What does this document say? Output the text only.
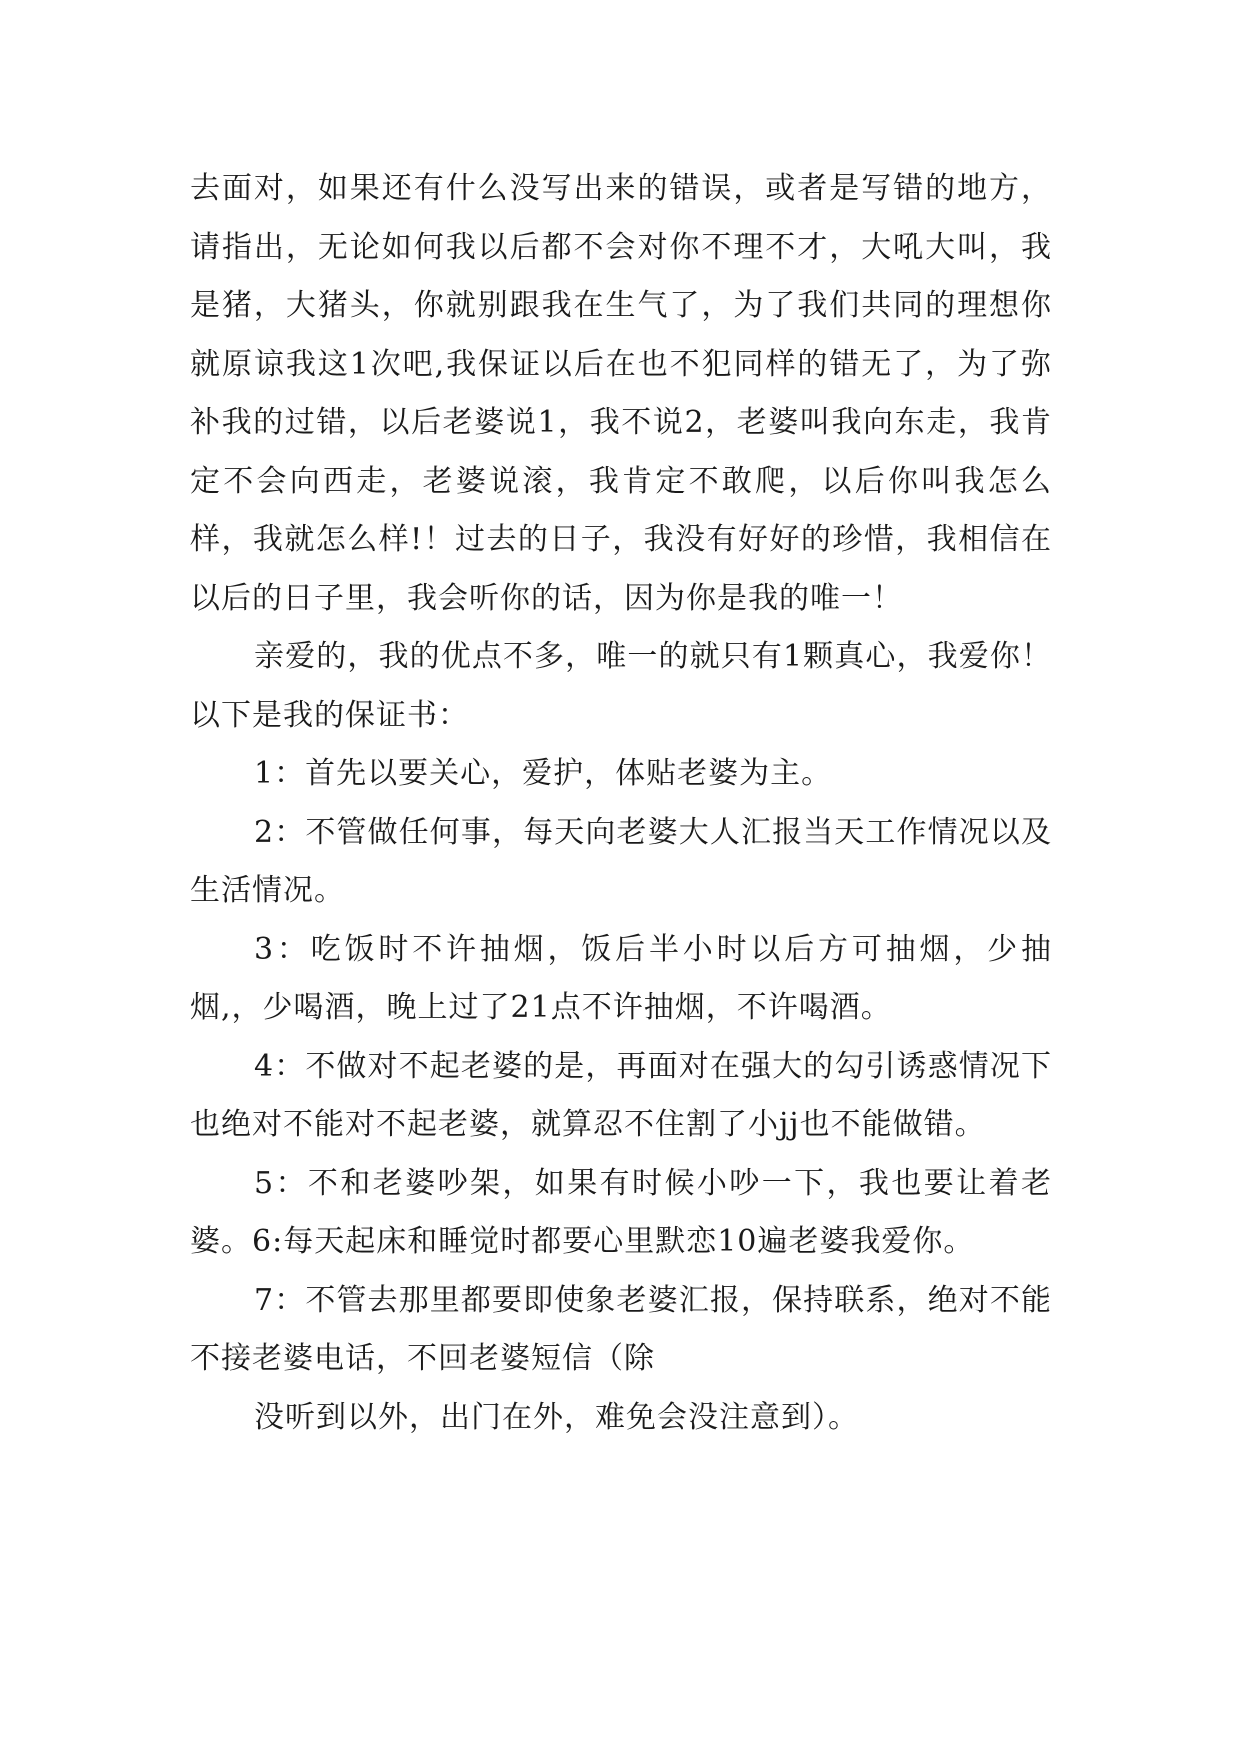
去面对，如果还有什么没写出来的错误，或者是写错的地方，请指出，无论如何我以后都不会对你不理不才，大吼大叫，我是猪，大猪头，你就别跟我在生气了，为了我们共同的理想你就原谅我这1次吧,我保证以后在也不犯同样的错无了，为了弥补我的过错，以后老婆说1，我不说2，老婆叫我向东走，我肯定不会向西走，老婆说滚，我肯定不敢爬，以后你叫我怎么样，我就怎么样!！过去的日子，我没有好好的珍惜，我相信在以后的日子里，我会听你的话，因为你是我的唯一！

亲爱的，我的优点不多，唯一的就只有1颗真心，我爱你！以下是我的保证书：

1：首先以要关心，爱护，体贴老婆为主。

2：不管做任何事，每天向老婆大人汇报当天工作情况以及生活情况。

3：吃饭时不许抽烟，饭后半小时以后方可抽烟，少抽烟,，少喝酒，晚上过了21点不许抽烟，不许喝酒。

4：不做对不起老婆的是，再面对在强大的勾引诱惑情况下也绝对不能对不起老婆，就算忍不住割了小jj也不能做错。

5：不和老婆吵架，如果有时候小吵一下，我也要让着老婆。6:每天起床和睡觉时都要心里默恋10遍老婆我爱你。

7：不管去那里都要即使象老婆汇报，保持联系，绝对不能不接老婆电话，不回老婆短信（除

没听到以外，出门在外，难免会没注意到）。
